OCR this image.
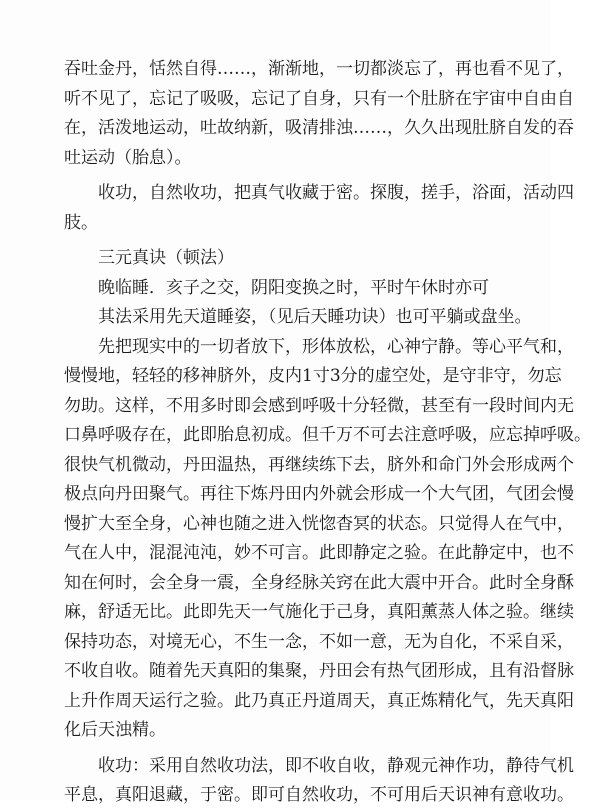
吞吐金丹，恬然自得……，渐渐地，一切都淡忘了，再也看不见了，
听不见了，忘记了吸吸，忘记了自身，只有一个肚脐在宇宙中自由自
在，活泼地运动，吐故纳新，吸清排浊……，久久出现肚脐自发的吞
吐运动（胎息）。
收功，自然收功，把真气收藏于密。探腹，搓手，浴面，活动四
肢。
三元真诀（顿法）
晚临睡．亥子之交，阴阳变换之时，平时午休时亦可
其法采用先天道睡姿，（见后天睡功诀）也可平躺或盘坐。
先把现实中的一切者放下，形体放松，心神宁静。等心平气和，
慢慢地，轻轻的移神脐外，皮内1寸3分的虚空处，是守非守，勿忘
勿助。这样，不用多时即会感到呼吸十分轻微，甚至有一段时间内无
口鼻呼吸存在，此即胎息初成。但千万不可去注意呼吸，应忘掉呼吸。
很快气机微动，丹田温热，再继续练下去，脐外和命门外会形成两个
极点向丹田聚气。再往下炼丹田内外就会形成一个大气团，气团会慢
慢扩大至全身，心神也随之进入恍惚杳冥的状态。只觉得人在气中，
气在人中，混混沌沌，妙不可言。此即静定之验。在此静定中，也不
知在何时，会全身一震，全身经脉关窍在此大震中开合。此时全身酥
麻，舒适无比。此即先天一气施化于己身，真阳薰蒸人体之验。继续
保持功态，对境无心，不生一念，不如一意，无为自化，不采自采，
不收自收。随着先天真阳的集聚，丹田会有热气团形成，且有沿督脉
上升作周天运行之验。此乃真正丹道周天，真正炼精化气，先天真阳
化后天浊精。
收功：采用自然收功法，即不收自收，静观元神作功，静待气机
平息，真阳退藏，于密。即可自然收功，不可用后天识神有意收功。
